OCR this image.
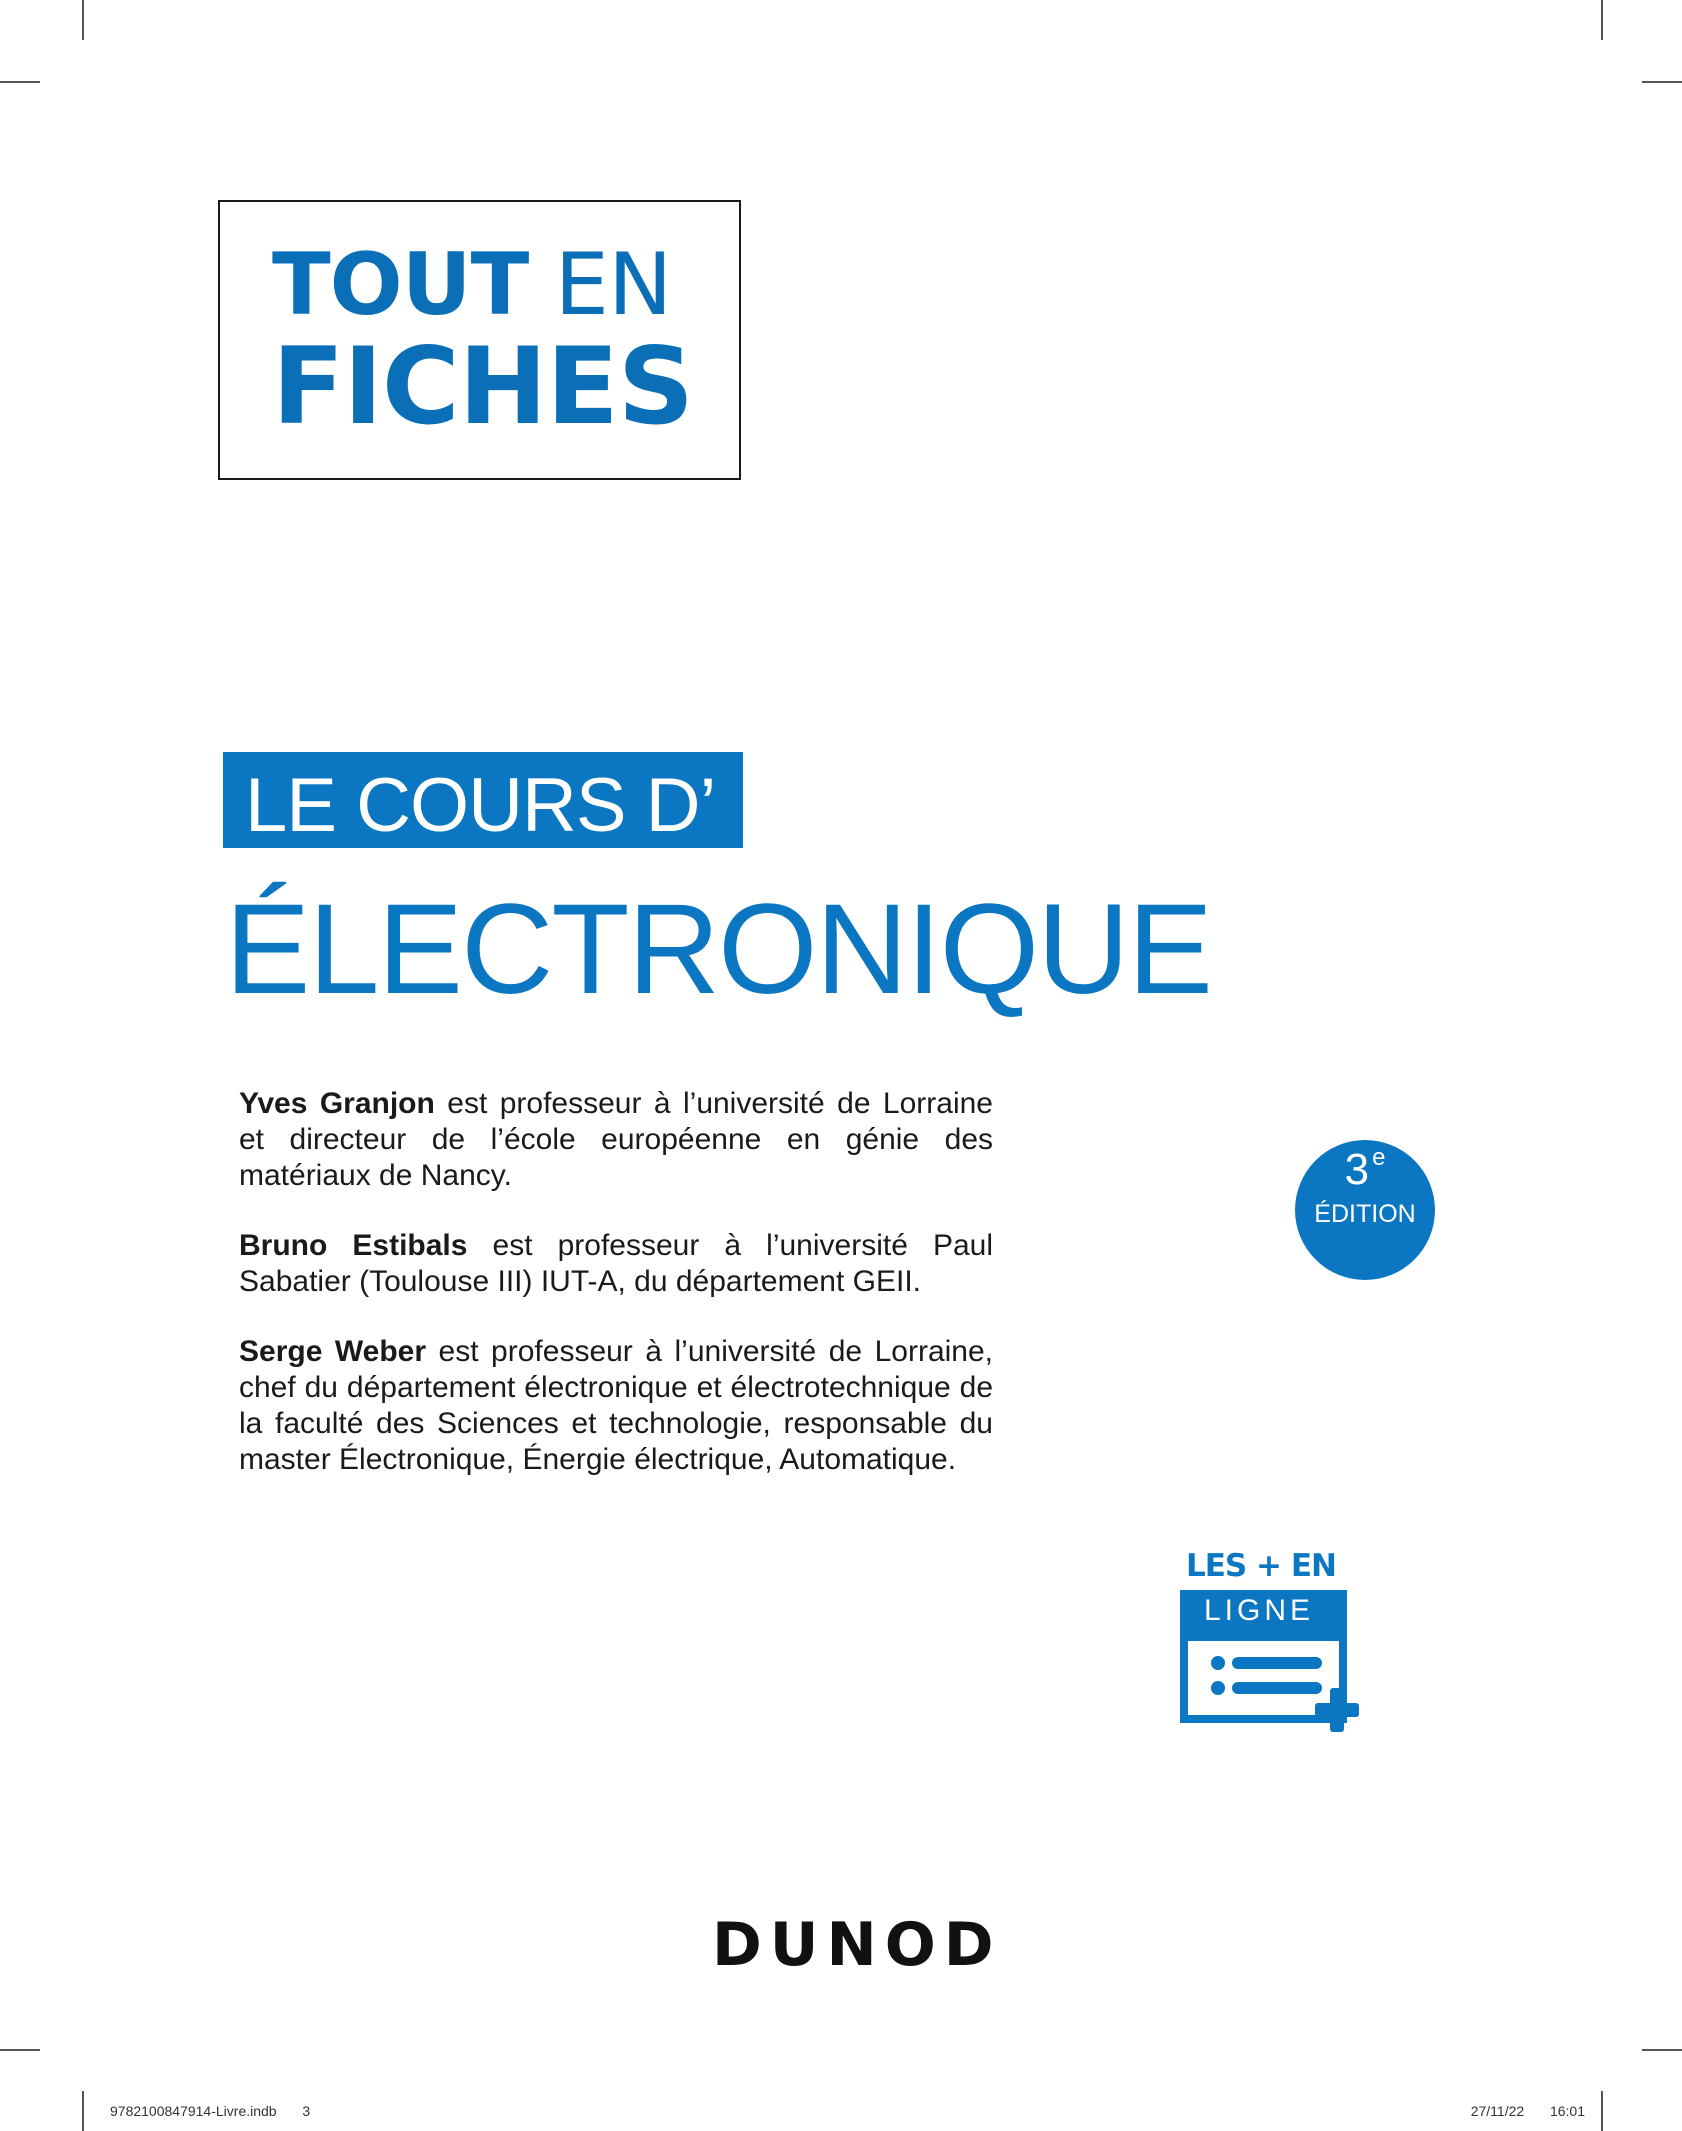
TOUT EN
FICHES
LE COURS D’
ÉLECTRONIQUE

Yves Granjon est professeur à l’université de Lorraine et directeur de l’école européenne en génie des matériaux de Nancy.

Bruno Estibals est professeur à l’université Paul Sabatier (Toulouse III) IUT-A, du département GEII.

Serge Weber est professeur à l’université de Lorraine, chef du département électronique et électrotechnique de la faculté des Sciences et technologie, responsable du master Électronique, Énergie électrique, Automatique.

3 $^e$
ÉDITION
LES + EN
LIGNE
DUNOD
9782100847914-Livre.indb 3	27/11/22 16:01
